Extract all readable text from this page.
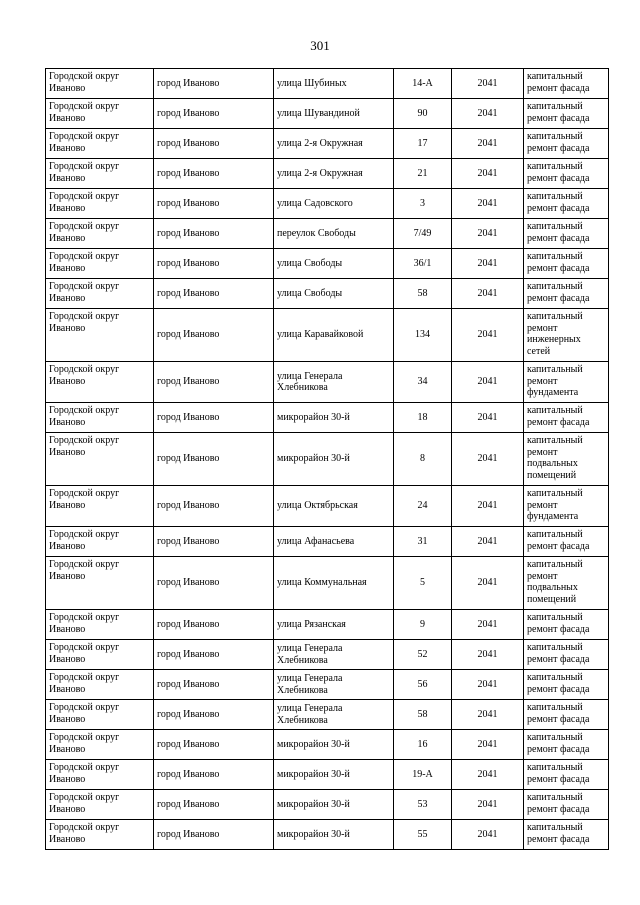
301
Городской округ Иваново	город Иваново	улица Шубиных	14-А	2041	капитальный ремонт фасада
Городской округ Иваново	город Иваново	улица Шувандиной	90	2041	капитальный ремонт фасада
Городской округ Иваново	город Иваново	улица 2-я Окружная	17	2041	капитальный ремонт фасада
Городской округ Иваново	город Иваново	улица 2-я Окружная	21	2041	капитальный ремонт фасада
Городской округ Иваново	город Иваново	улица Садовского	3	2041	капитальный ремонт фасада
Городской округ Иваново	город Иваново	переулок Свободы	7/49	2041	капитальный ремонт фасада
Городской округ Иваново	город Иваново	улица Свободы	36/1	2041	капитальный ремонт фасада
Городской округ Иваново	город Иваново	улица Свободы	58	2041	капитальный ремонт фасада
Городской округ Иваново	город Иваново	улица Каравайковой	134	2041	капитальный ремонт инженерных сетей
Городской округ Иваново	город Иваново	улица Генерала Хлебникова	34	2041	капитальный ремонт фундамента
Городской округ Иваново	город Иваново	микрорайон 30-й	18	2041	капитальный ремонт фасада
Городской округ Иваново	город Иваново	микрорайон 30-й	8	2041	капитальный ремонт подвальных помещений
Городской округ Иваново	город Иваново	улица Октябрьская	24	2041	капитальный ремонт фундамента
Городской округ Иваново	город Иваново	улица Афанасьева	31	2041	капитальный ремонт фасада
Городской округ Иваново	город Иваново	улица Коммунальная	5	2041	капитальный ремонт подвальных помещений
Городской округ Иваново	город Иваново	улица Рязанская	9	2041	капитальный ремонт фасада
Городской округ Иваново	город Иваново	улица Генерала Хлебникова	52	2041	капитальный ремонт фасада
Городской округ Иваново	город Иваново	улица Генерала Хлебникова	56	2041	капитальный ремонт фасада
Городской округ Иваново	город Иваново	улица Генерала Хлебникова	58	2041	капитальный ремонт фасада
Городской округ Иваново	город Иваново	микрорайон 30-й	16	2041	капитальный ремонт фасада
Городской округ Иваново	город Иваново	микрорайон 30-й	19-А	2041	капитальный ремонт фасада
Городской округ Иваново	город Иваново	микрорайон 30-й	53	2041	капитальный ремонт фасада
Городской округ Иваново	город Иваново	микрорайон 30-й	55	2041	капитальный ремонт фасада
